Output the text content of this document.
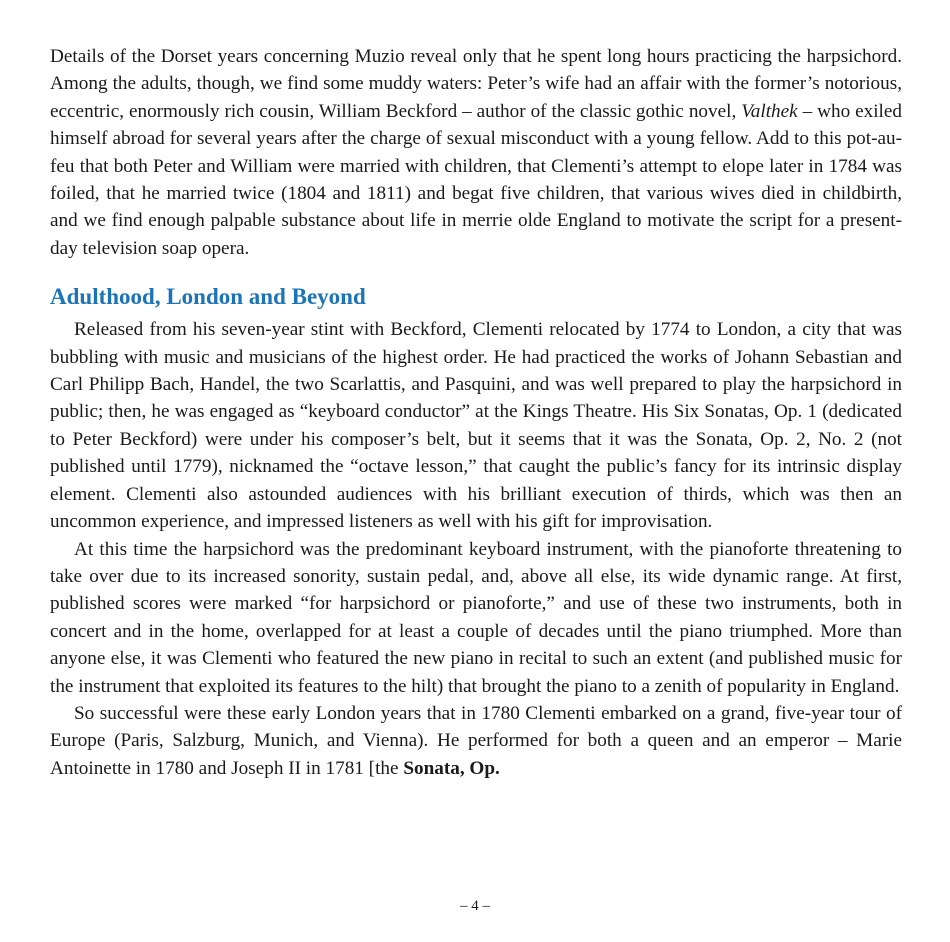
Details of the Dorset years concerning Muzio reveal only that he spent long hours practicing the harpsichord. Among the adults, though, we find some muddy waters: Peter’s wife had an affair with the former’s notorious, eccentric, enormously rich cousin, William Beckford – author of the classic gothic novel, Valthek – who exiled himself abroad for several years after the charge of sexual misconduct with a young fellow. Add to this pot-au-feu that both Peter and William were married with children, that Clementi’s attempt to elope later in 1784 was foiled, that he married twice (1804 and 1811) and begat five children, that various wives died in childbirth, and we find enough palpable substance about life in merrie olde England to motivate the script for a present-day television soap opera.

Adulthood, London and Beyond

Released from his seven-year stint with Beckford, Clementi relocated by 1774 to London, a city that was bubbling with music and musicians of the highest order. He had practiced the works of Johann Sebastian and Carl Philipp Bach, Handel, the two Scarlattis, and Pasquini, and was well prepared to play the harpsichord in public; then, he was engaged as “keyboard conductor” at the Kings Theatre. His Six Sonatas, Op. 1 (dedicated to Peter Beckford) were under his composer’s belt, but it seems that it was the Sonata, Op. 2, No. 2 (not published until 1779), nicknamed the “octave lesson,” that caught the public’s fancy for its intrinsic display element. Clementi also astounded audiences with his brilliant execution of thirds, which was then an uncommon experience, and impressed listeners as well with his gift for improvisation.

At this time the harpsichord was the predominant keyboard instrument, with the pianoforte threatening to take over due to its increased sonority, sustain pedal, and, above all else, its wide dynamic range. At first, published scores were marked “for harpsichord or pianoforte,” and use of these two instruments, both in concert and in the home, overlapped for at least a couple of decades until the piano triumphed. More than anyone else, it was Clementi who featured the new piano in recital to such an extent (and published music for the instrument that exploited its features to the hilt) that brought the piano to a zenith of popularity in England.

So successful were these early London years that in 1780 Clementi embarked on a grand, five-year tour of Europe (Paris, Salzburg, Munich, and Vienna). He performed for both a queen and an emperor – Marie Antoinette in 1780 and Joseph II in 1781 [the Sonata, Op.

– 4 –
